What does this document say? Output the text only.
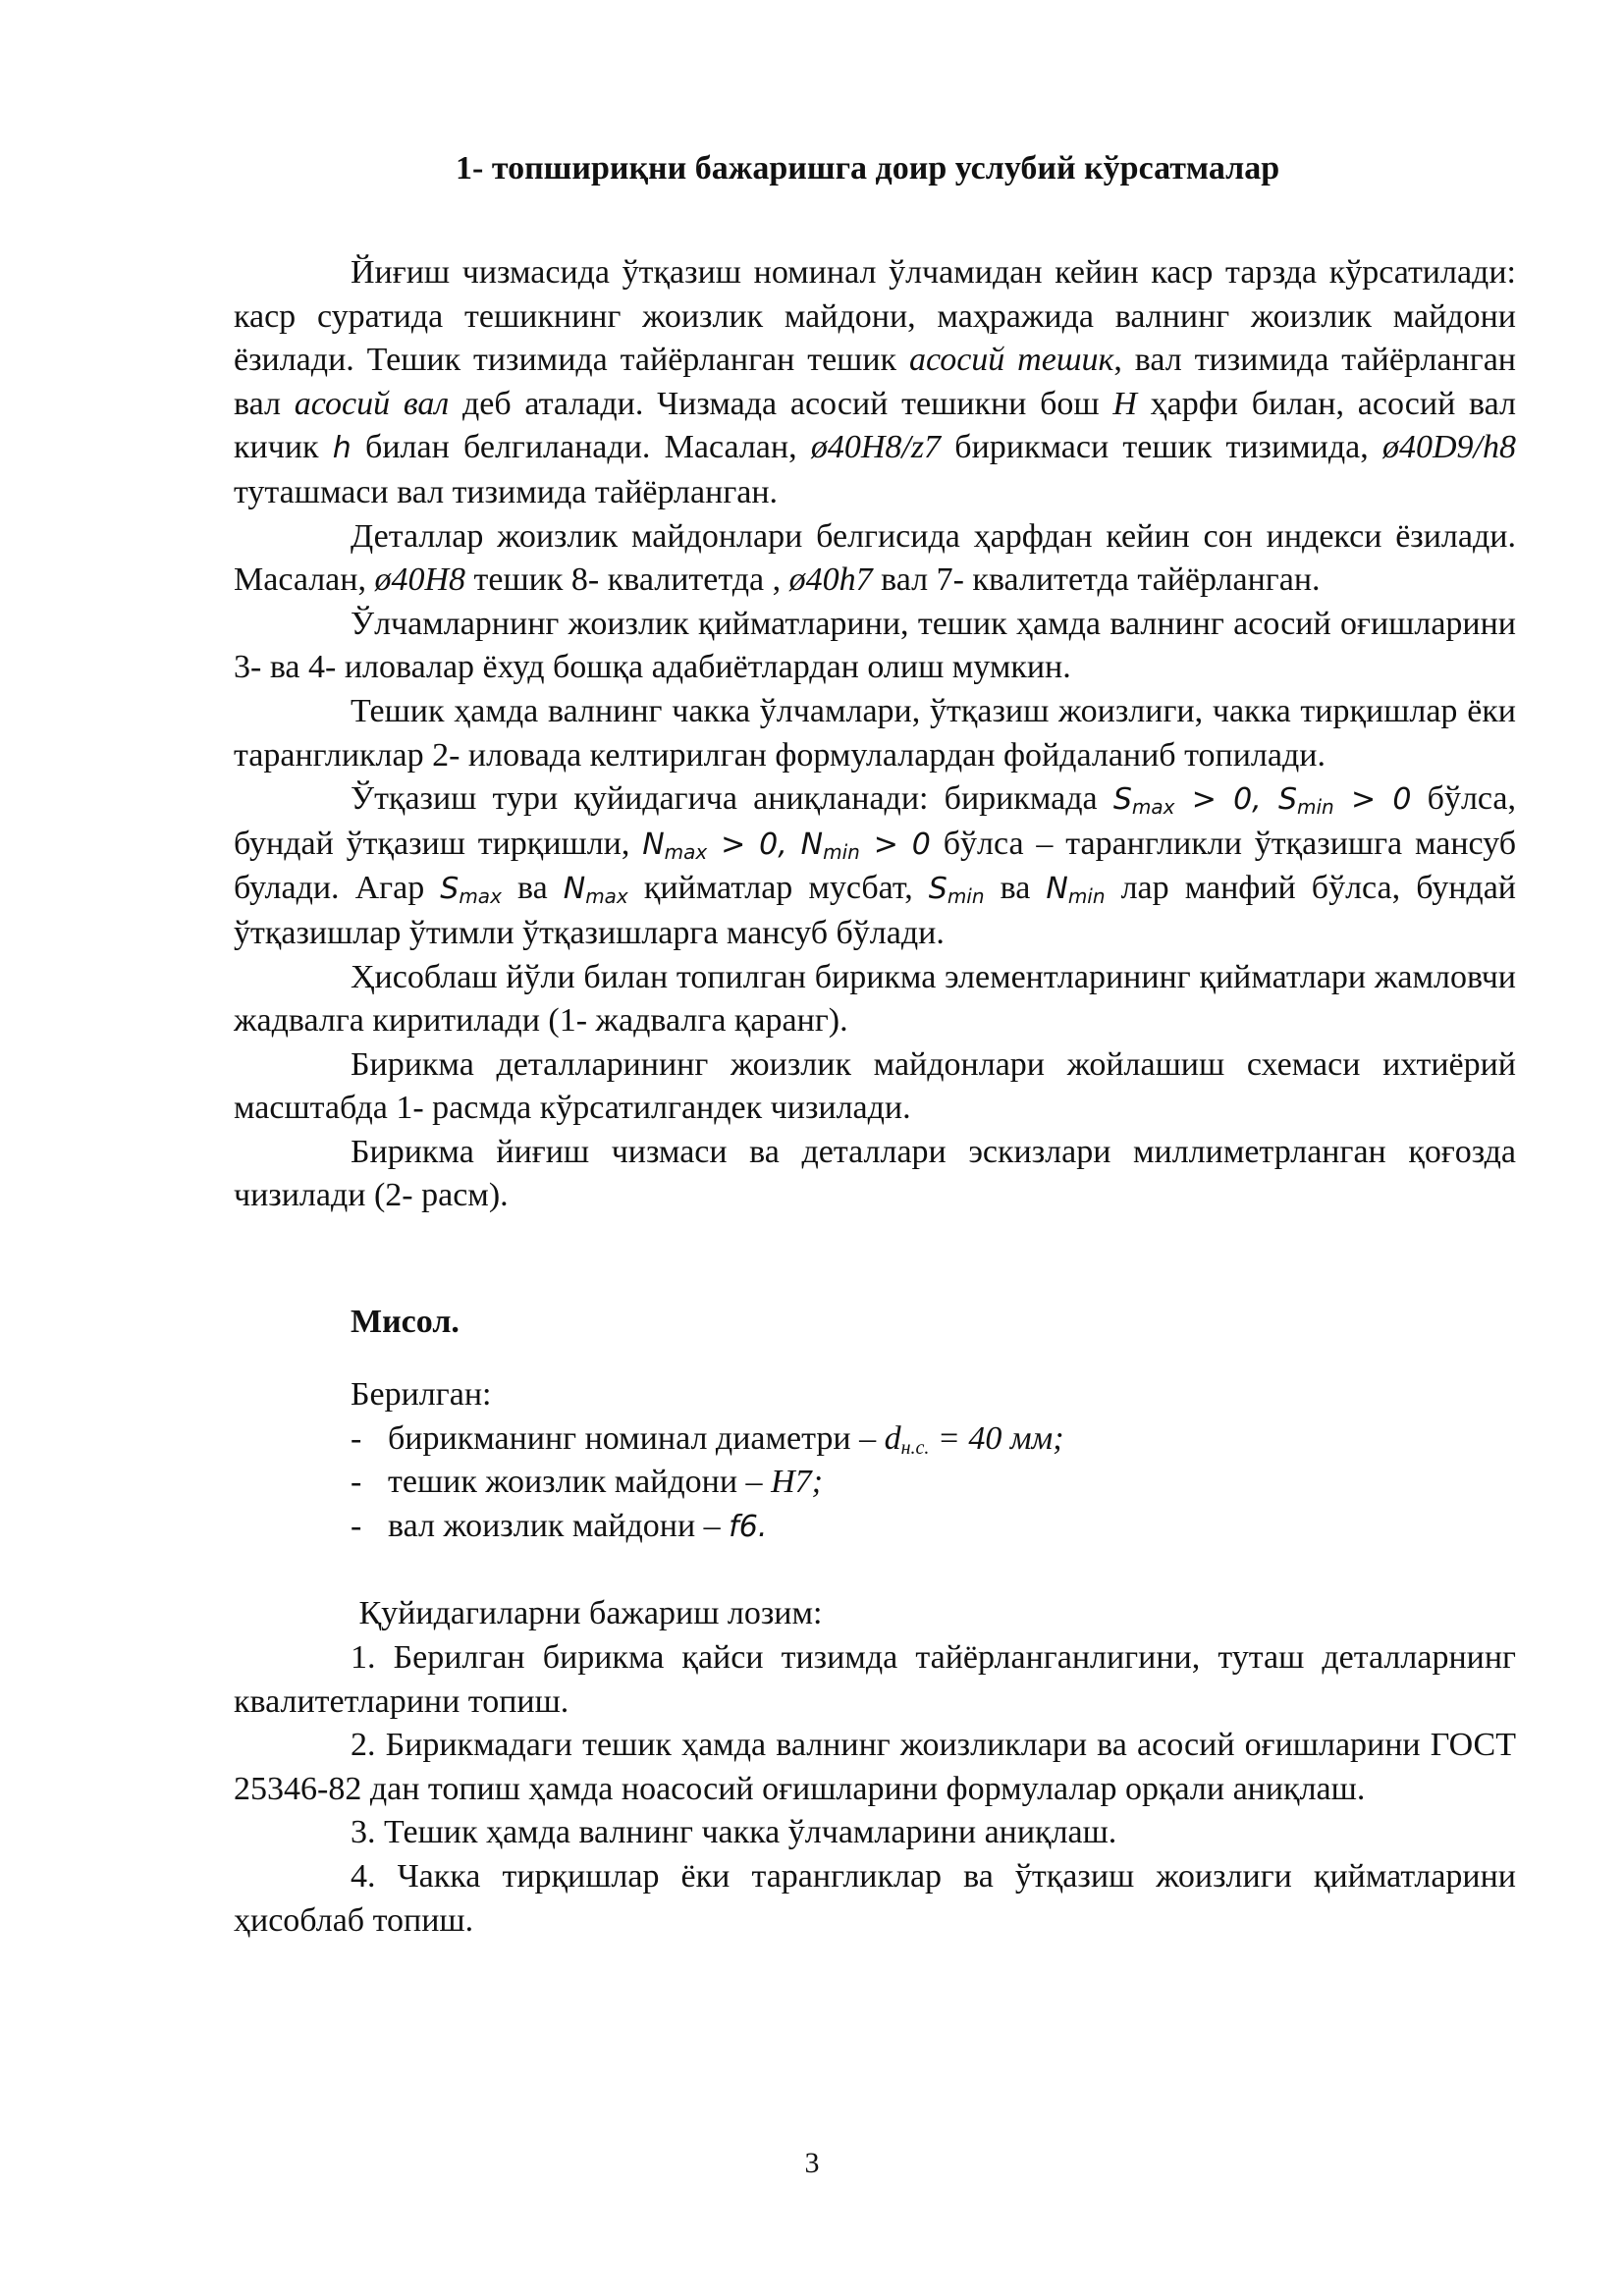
1- топшириқни бажаришга доир услубий кўрсатмалар

Йиғиш чизмасида ўтқазиш номинал ўлчамидан кейин каср тарзда кўрсатилади: каср суратида тешикнинг жоизлик майдони, маҳражида валнинг жоизлик майдони ёзилади. Тешик тизимида тайёрланган тешик асосий тешик, вал тизимида тайёрланган вал асосий вал деб аталади. Чизмада асосий тешикни бош Н ҳарфи билан, асосий вал кичик h билан белгиланади. Масалан, ø40H8/z7 бирикмаси тешик тизимида, ø40D9/h8 туташмаси вал тизимида тайёрланган.

Деталлар жоизлик майдонлари белгисида ҳарфдан кейин сон индекси ёзилади. Масалан, ø40H8 тешик 8- квалитетда , ø40h7 вал 7- квалитетда тайёрланган.

Ўлчамларнинг жоизлик қийматларини, тешик ҳамда валнинг асосий оғишларини 3- ва 4- иловалар ёхуд бошқа адабиётлардан олиш мумкин.

Тешик ҳамда валнинг чакка ўлчамлари, ўтқазиш жоизлиги, чакка тирқишлар ёки тарангликлар 2- иловада келтирилган формулалардан фойдаланиб топилади.

Ўтқазиш тури қуйидагича аниқланади: бирикмада $S_{max} > 0$, $S_{min} > 0$ бўлса, бундай ўтқазиш тирқишли, $N_{max} > 0$, $N_{min} > 0$ бўлса – тарангликли ўтқазишга мансуб булади. Агар $S_{max}$ ва $N_{max}$ қийматлар мусбат, $S_{min}$ ва $N_{min}$ лар манфий бўлса, бундай ўтқазишлар ўтимли ўтқазишларга мансуб бўлади.

Ҳисоблаш йўли билан топилган бирикма элементларининг қийматлари жамловчи жадвалга киритилади (1- жадвалга қаранг).

Бирикма деталларининг жоизлик майдонлари жойлашиш схемаси ихтиёрий масштабда 1- расмда кўрсатилгандек чизилади.

Бирикма йиғиш чизмаси ва деталлари эскизлари миллиметрланган қоғозда чизилади (2- расм).

Мисол.

Берилган:

- бирикманинг номинал диаметри – $d_{н.с.} = 40$ мм;

- тешик жоизлик майдони – Н7;

- вал жоизлик майдони – f6.

Қуйидагиларни бажариш лозим:

1. Берилган бирикма қайси тизимда тайёрланганлигини, туташ деталларнинг квалитетларини топиш.

2. Бирикмадаги тешик ҳамда валнинг жоизликлари ва асосий оғишларини ГОСТ 25346-82 дан топиш ҳамда ноасосий оғишларини формулалар орқали аниқлаш.

3. Тешик ҳамда валнинг чакка ўлчамларини аниқлаш.

4. Чакка тирқишлар ёки тарангликлар ва ўтқазиш жоизлиги қийматларини ҳисоблаб топиш.

3
